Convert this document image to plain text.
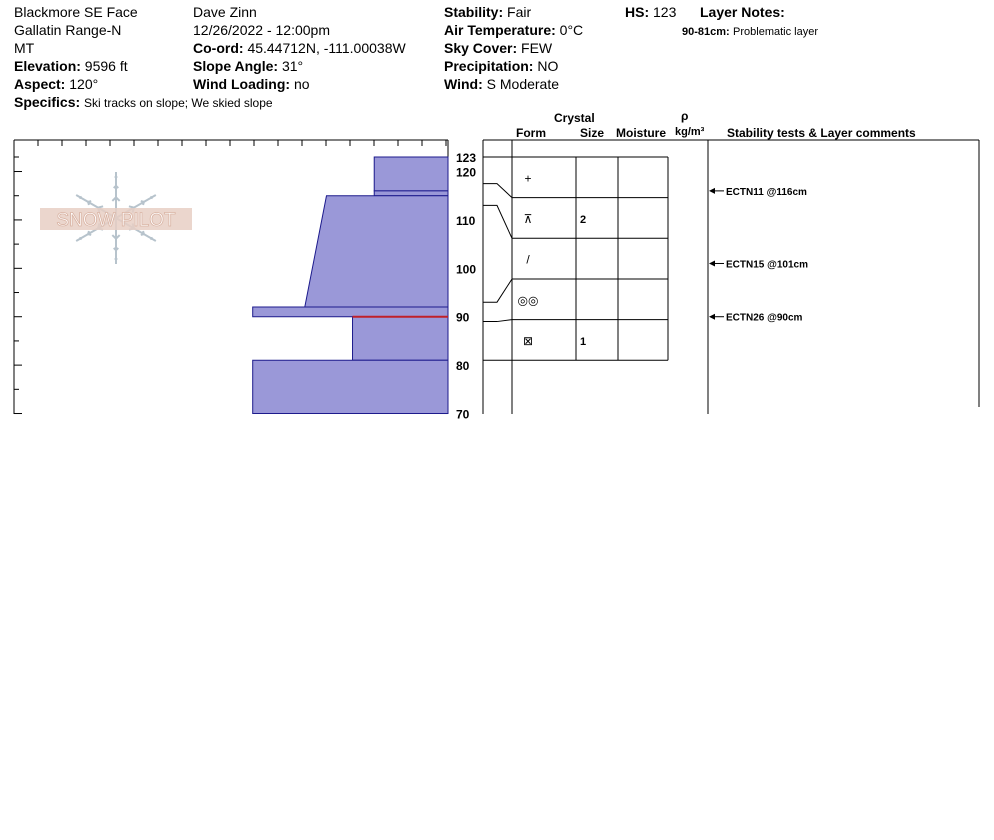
Blackmore SE Face
Gallatin Range-N
MT
Elevation: 9596 ft
Aspect: 120°
Specifics: Ski tracks on slope; We skied slope
Dave Zinn
12/26/2022 - 12:00pm
Co-ord: 45.44712N, -111.00038W
Slope Angle: 31°
Wind Loading: no
Stability: Fair
Air Temperature: 0°C
Sky Cover: FEW
Precipitation: NO
Wind: S Moderate
HS: 123 Layer Notes:
90-81cm: Problematic layer
Crystal
Form	Size Moisture
ρ
kg/m³ Stability tests & Layer comments
SNOW PILOT
123
120
110
100
90
80
70
+
⊼	2
/
◎◎
⊠	1
ECTN11 @116cm
ECTN15 @101cm
ECTN26 @90cm
